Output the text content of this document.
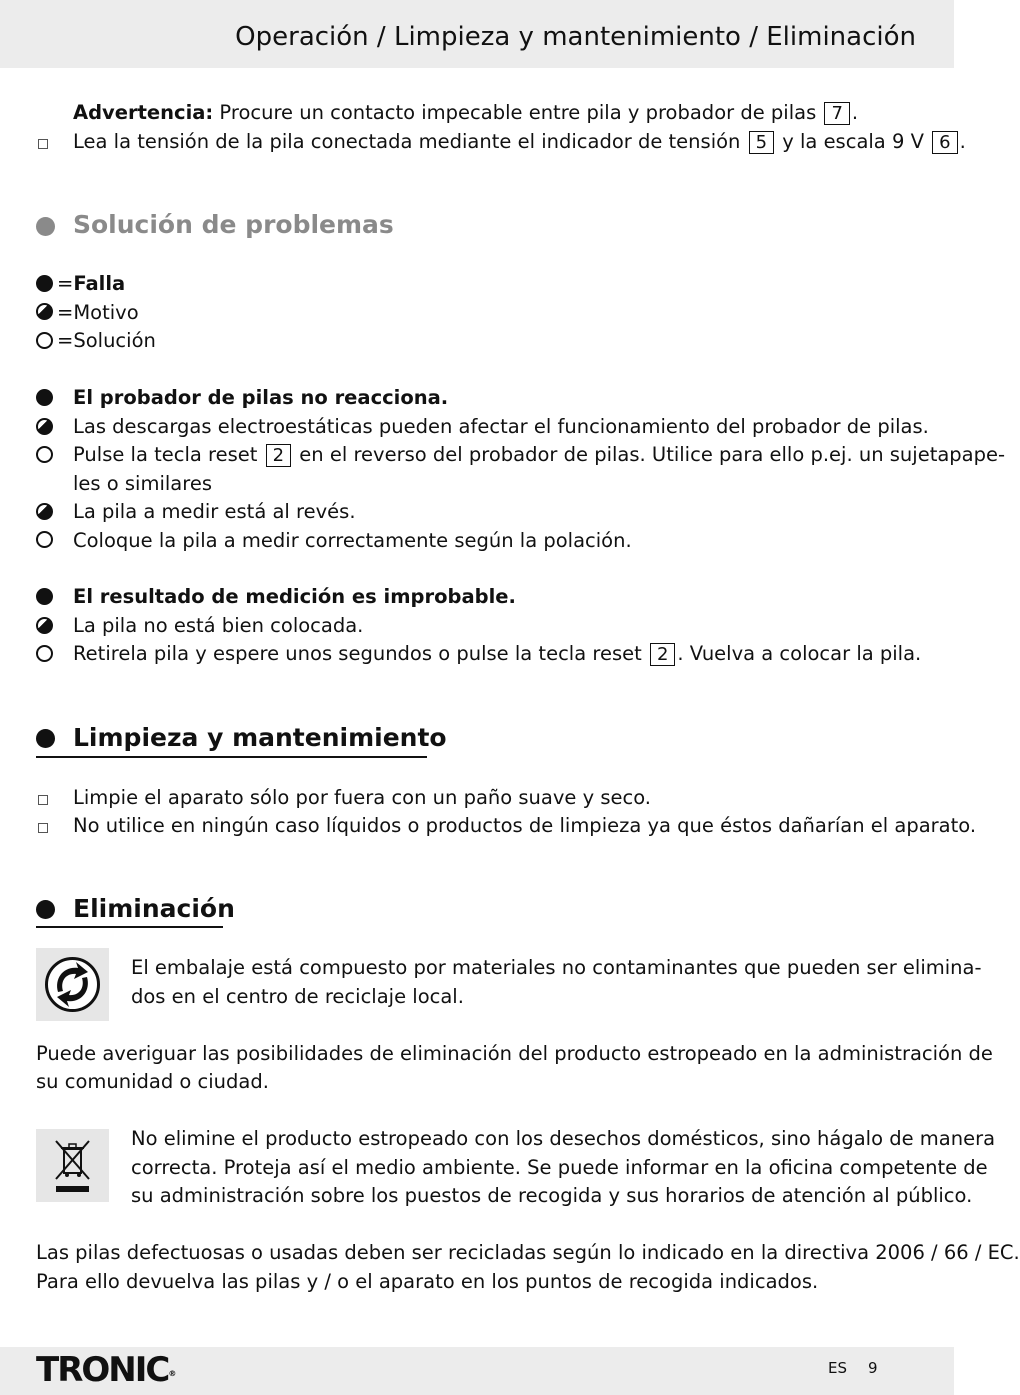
Operación / Limpieza y mantenimiento / Eliminación
Advertencia: Procure un contacto impecable entre pila y probador de pilas 7 .
Lea la tensión de la pila conectada mediante el indicador de tensión 5 y la escala 9 V 6 .
Solución de problemas
=Falla
=Motivo
=Solución
El probador de pilas no reacciona.
Las descargas electroestáticas pueden afectar el funcionamiento del probador de pilas.
Pulse la tecla reset 2 en el reverso del probador de pilas. Utilice para ello p.ej. un sujetapape-
les o similares
La pila a medir está al revés.
Coloque la pila a medir correctamente según la polación.
El resultado de medición es improbable.
La pila no está bien colocada.
Retirela pila y espere unos segundos o pulse la tecla reset 2 . Vuelva a colocar la pila.
Limpieza y mantenimiento
Limpie el aparato sólo por fuera con un paño suave y seco.
No utilice en ningún caso líquidos o productos de limpieza ya que éstos dañarían el aparato.
Eliminación
El embalaje está compuesto por materiales no contaminantes que pueden ser elimina-
dos en el centro de reciclaje local.
Puede averiguar las posibilidades de eliminación del producto estropeado en la administración de
su comunidad o ciudad.
No elimine el producto estropeado con los desechos domésticos, sino hágalo de manera
correcta. Proteja así el medio ambiente. Se puede informar en la oficina competente de
su administración sobre los puestos de recogida y sus horarios de atención al público.
Las pilas defectuosas o usadas deben ser recicladas según lo indicado en la directiva 2006 / 66 / EC.
Para ello devuelva las pilas y / o el aparato en los puntos de recogida indicados.
TRONIC®	ES 9
